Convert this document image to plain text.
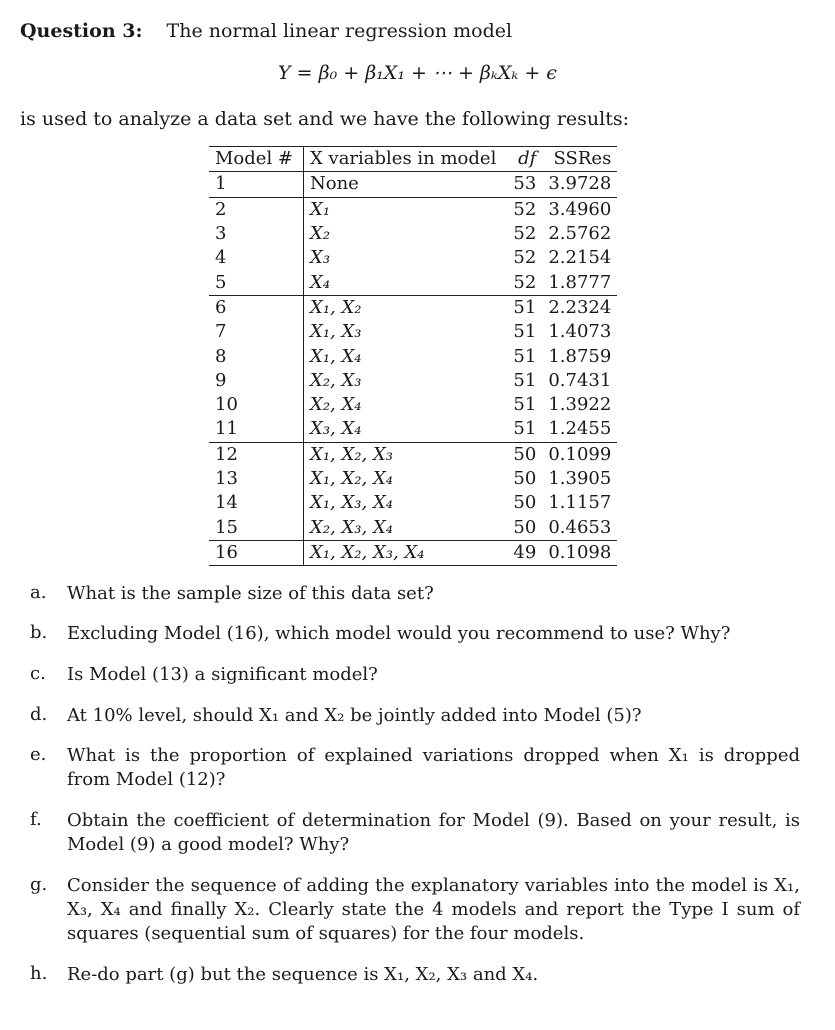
Question 3: The normal linear regression model
Y = β₀ + β₁X₁ + ⋯ + βₖXₖ + ϵ
is used to analyze a data set and we have the following results:
Model #	X variables in model	df	SSRes
1	None	53	3.9728
2	X₁	52	3.4960
3	X₂	52	2.5762
4	X₃	52	2.2154
5	X₄	52	1.8777
6	X₁, X₂	51	2.2324
7	X₁, X₃	51	1.4073
8	X₁, X₄	51	1.8759
9	X₂, X₃	51	0.7431
10	X₂, X₄	51	1.3922
11	X₃, X₄	51	1.2455
12	X₁, X₂, X₃	50	0.1099
13	X₁, X₂, X₄	50	1.3905
14	X₁, X₃, X₄	50	1.1157
15	X₂, X₃, X₄	50	0.4653
16	X₁, X₂, X₃, X₄	49	0.1098
a.	What is the sample size of this data set?
b.	Excluding Model (16), which model would you recommend to use? Why?
c.	Is Model (13) a significant model?
d.	At 10% level, should X₁ and X₂ be jointly added into Model (5)?
e.	What is the proportion of explained variations dropped when X₁ is dropped from Model (12)?
f.	Obtain the coefficient of determination for Model (9). Based on your result, is Model (9) a good model? Why?
g.	Consider the sequence of adding the explanatory variables into the model is X₁, X₃, X₄ and finally X₂. Clearly state the 4 models and report the Type I sum of squares (sequential sum of squares) for the four models.
h.	Re-do part (g) but the sequence is X₁, X₂, X₃ and X₄.
